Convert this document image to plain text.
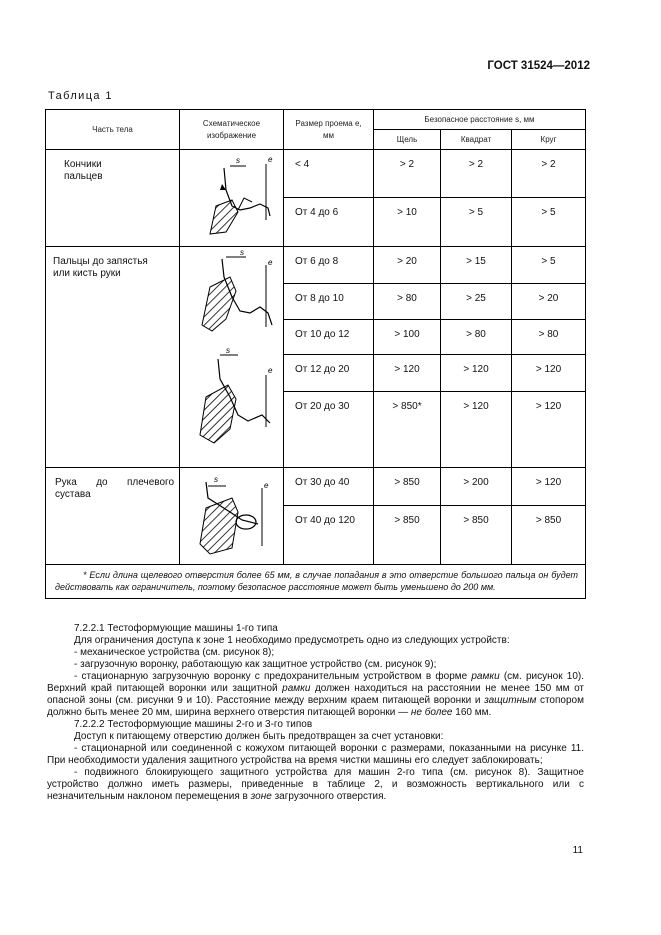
ГОСТ 31524—2012
Таблица 1
Часть тела	Схематическое изображение	Размер проема e, мм	Безопасное расстояние s, мм		
			Щель	Квадрат	Круг

Кончики пальцев	s e	< 4	> 2	> 2	> 2

		От 4 до 6	> 10	> 5	> 5

Пальцы до запястья или кисть руки	s
e
s
e	От 6 до 8	> 20	> 15	> 5

		От 8 до 10	> 80	> 25	> 20

		От 10 до 12	> 100	> 80	> 80

		От 12 до 20	> 120	> 120	> 120

		От 20 до 30	> 850*	> 120	> 120

Рука до плечевого
сустава	s
e	От 30 до 40	> 850	> 200	> 120

		От 40 до 120	> 850	> 850	> 850

* Если длина щелевого отверстия более 65 мм, в случае попадания в это отверстие большого пальца он будет действовать как ограничитель, поэтому безопасное расстояние может быть уменьшено до 200 мм.					

7.2.2.1 Тестоформующие машины 1-го типа

Для ограничения доступа к зоне 1 необходимо предусмотреть одно из следующих устройств:

- механическое устройства (см. рисунок 8);

- загрузочную воронку, работающую как защитное устройство (см. рисунок 9);

- стационарную загрузочную воронку с предохранительным устройством в форме рамки (см. рисунок 10). Верхний край питающей воронки или защитной рамки должен находиться на расстоянии не менее 150 мм от опасной зоны (см. рисунки 9 и 10). Расстояние между верхним краем питающей воронки и защитным стопором должно быть менее 20 мм, ширина верхнего отверстия питающей воронки — не более 160 мм.

7.2.2.2 Тестоформующие машины 2-го и 3-го типов

Доступ к питающему отверстию должен быть предотвращен за счет установки:

- стационарной или соединенной с кожухом питающей воронки с размерами, показанными на рисунке 11. При необходимости удаления защитного устройства на время чистки машины его следует заблокировать;

- подвижного блокирующего защитного устройства для машин 2-го типа (см. рисунок 8). Защитное устройство должно иметь размеры, приведенные в таблице 2, и возможность вертикального или с незначительным наклоном перемещения в зоне загрузочного отверстия.

11
